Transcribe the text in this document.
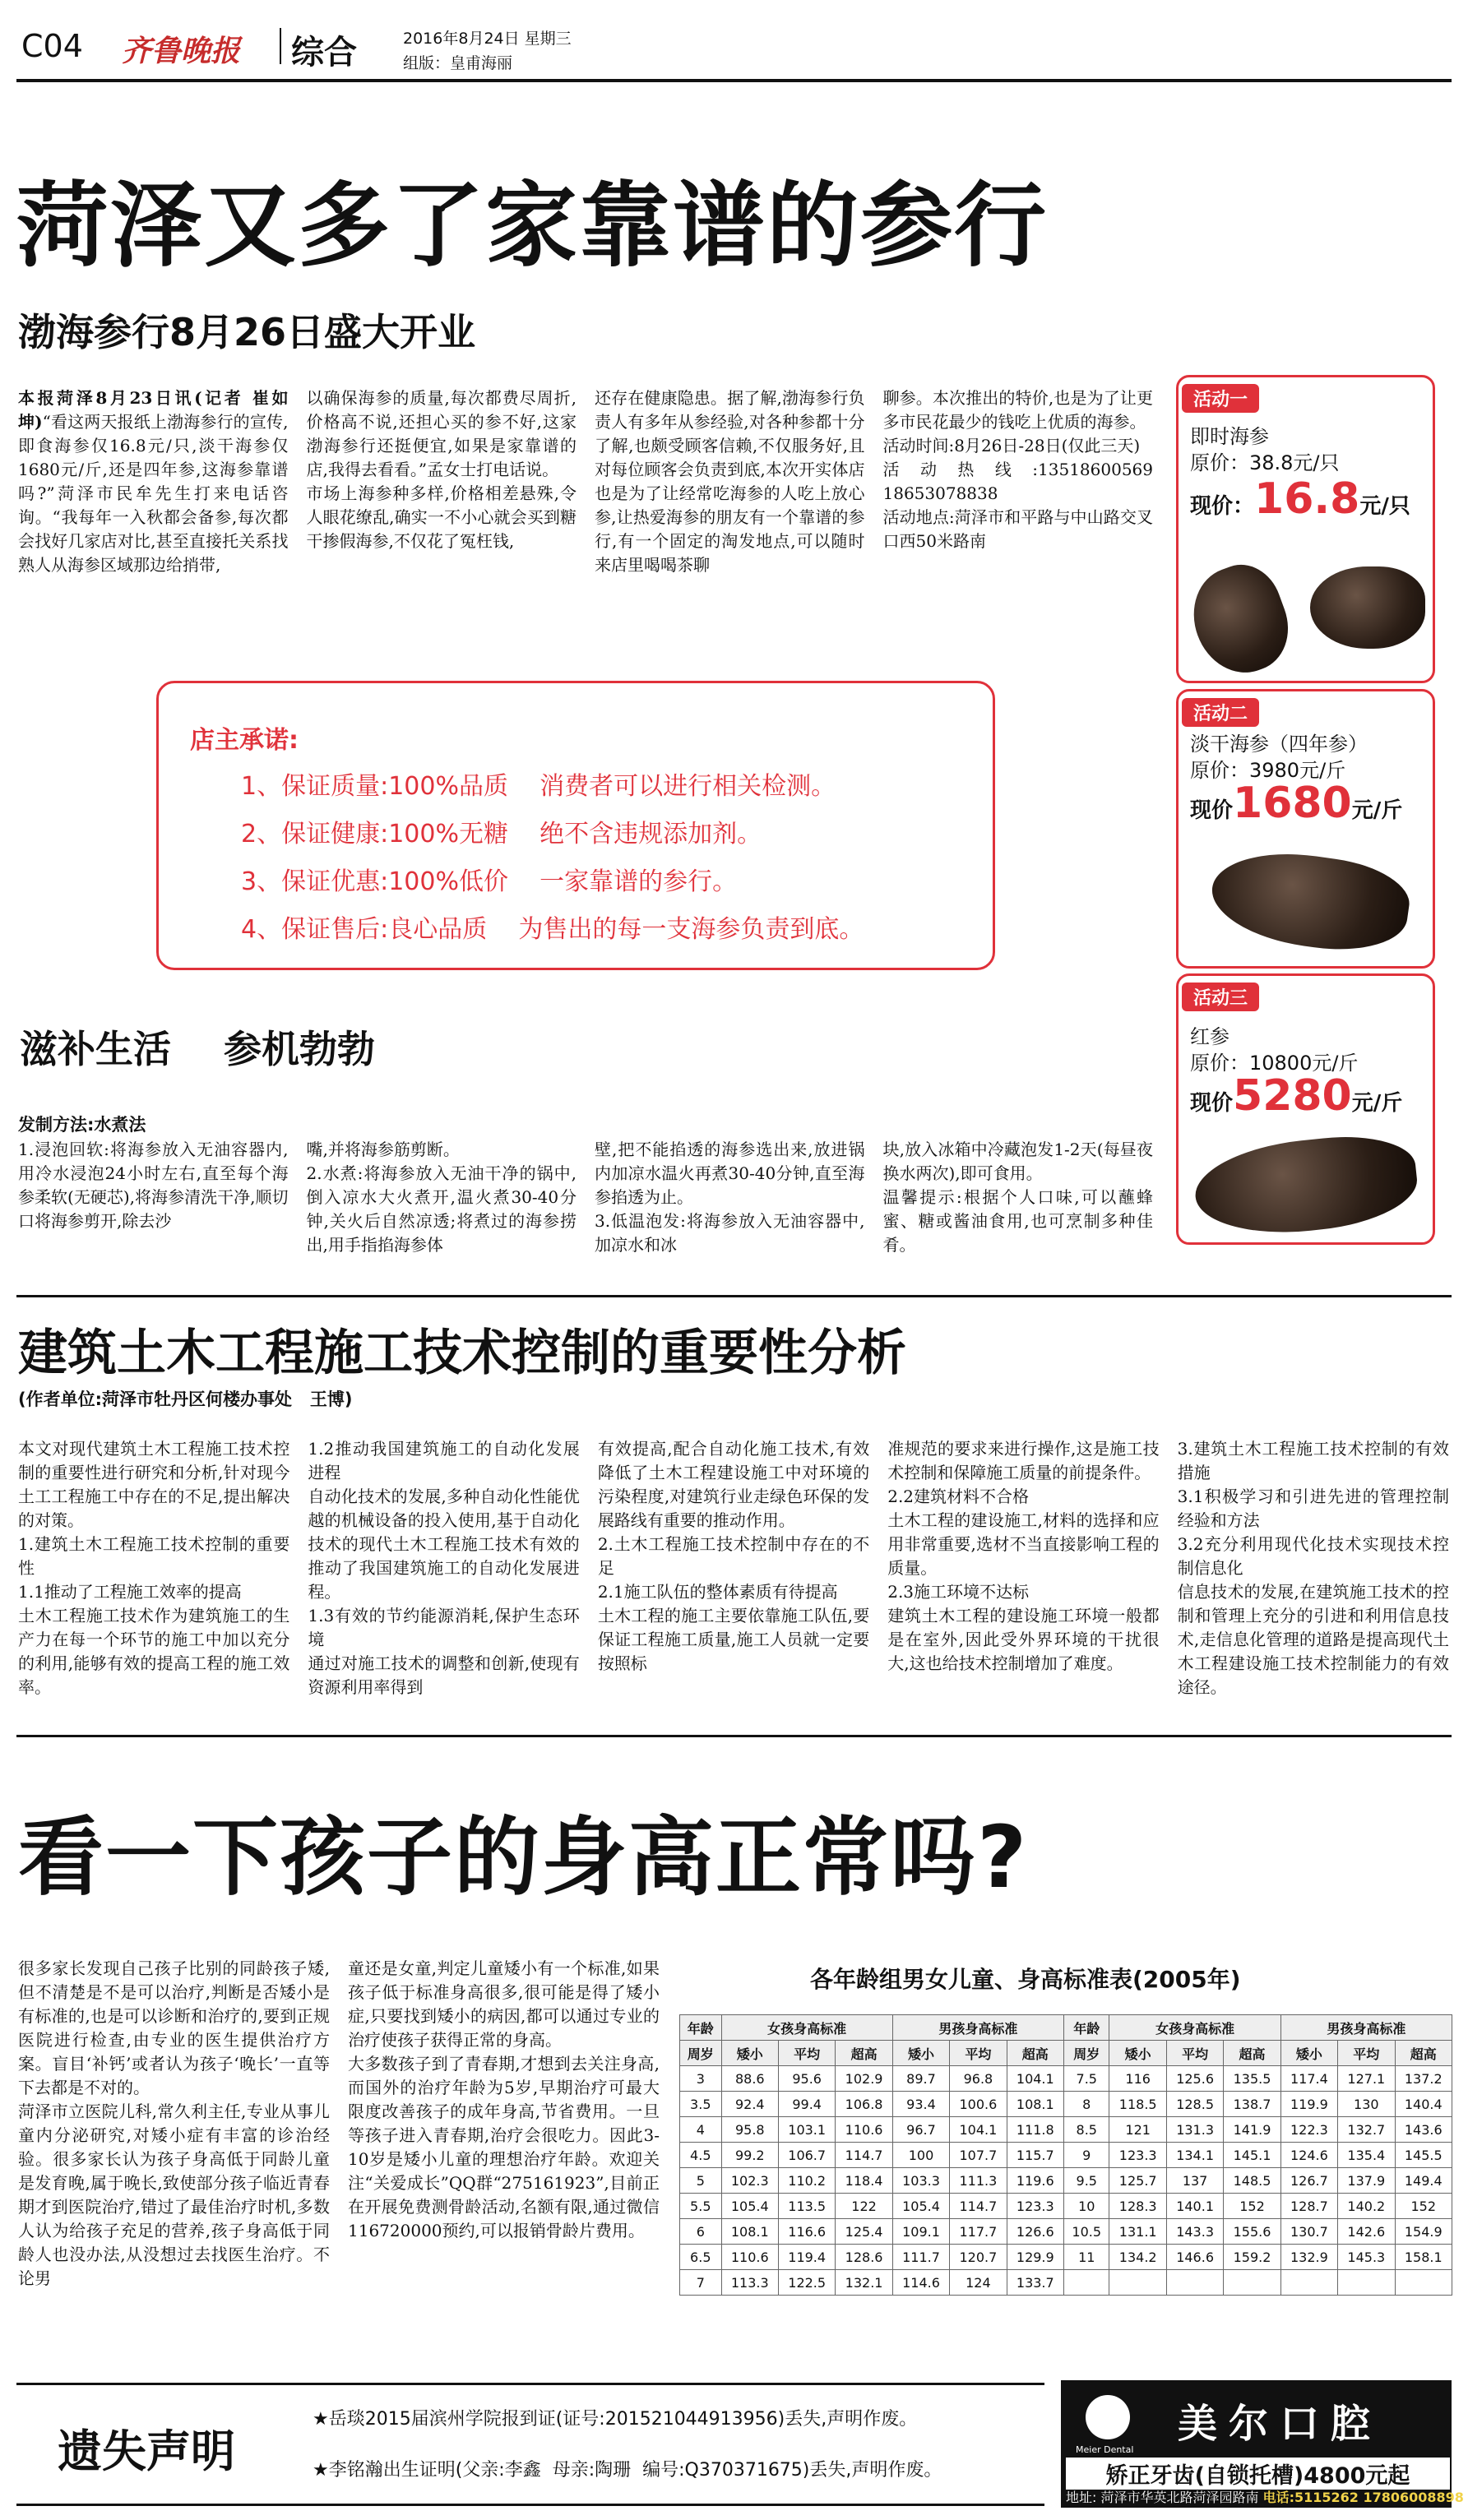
C04 齐鲁晚报 综合	2016年8月24日 星期三
组版：皇甫海丽
菏泽又多了家靠谱的参行
渤海参行8月26日盛大开业
本报菏泽8月23日讯(记者 崔如坤)“看这两天报纸上渤海参行的宣传,即食海参仅16.8元/只,淡干海参仅1680元/斤,还是四年参,这海参靠谱吗?”菏泽市民牟先生打来电话咨询。“我每年一入秋都会备参,每次都会找好几家店对比,甚至直接托关系找熟人从海参区域那边给捎带,
以确保海参的质量,每次都费尽周折,价格高不说,还担心买的参不好,这家渤海参行还挺便宜,如果是家靠谱的店,我得去看看。”孟女士打电话说。
市场上海参种多样,价格相差悬殊,令人眼花缭乱,确实一不小心就会买到糖干掺假海参,不仅花了冤枉钱,
还存在健康隐患。据了解,渤海参行负责人有多年从参经验,对各种参都十分了解,也颇受顾客信赖,不仅服务好,且对每位顾客会负责到底,本次开实体店也是为了让经常吃海参的人吃上放心参,让热爱海参的朋友有一个靠谱的参行,有一个固定的淘发地点,可以随时来店里喝喝茶聊
聊参。本次推出的特价,也是为了让更多市民花最少的钱吃上优质的海参。
活动时间:8月26日-28日(仅此三天)
活动热线:13518600569 18653078838
活动地点:菏泽市和平路与中山路交叉口西50米路南
店主承诺:
1、保证质量:100%品质    消费者可以进行相关检测。
2、保证健康:100%无糖    绝不含违规添加剂。
3、保证优惠:100%低价    一家靠谱的参行。
4、保证售后:良心品质    为售出的每一支海参负责到底。
活动一
即时海参
原价：38.8元/只
现价：16.8元/只
活动二
淡干海参（四年参）
原价：3980元/斤
现价1680元/斤
活动三
红参
原价：10800元/斤
现价5280元/斤
滋补生活    参机勃勃
发制方法:水煮法
1.浸泡回软:将海参放入无油容器内,用冷水浸泡24小时左右,直至每个海参柔软(无硬芯),将海参清洗干净,顺切口将海参剪开,除去沙
嘴,并将海参筋剪断。
2.水煮:将海参放入无油干净的锅中,倒入凉水大火煮开,温火煮30-40分钟,关火后自然凉透;将煮过的海参捞出,用手指掐海参体
壁,把不能掐透的海参选出来,放进锅内加凉水温火再煮30-40分钟,直至海参掐透为止。
3.低温泡发:将海参放入无油容器中,加凉水和冰
块,放入冰箱中冷藏泡发1-2天(每昼夜换水两次),即可食用。
温馨提示:根据个人口味,可以蘸蜂蜜、糖或酱油食用,也可烹制多种佳肴。
建筑土木工程施工技术控制的重要性分析
(作者单位:菏泽市牡丹区何楼办事处   王博)
本文对现代建筑土木工程施工技术控制的重要性进行研究和分析,针对现今土工工程施工中存在的不足,提出解决的对策。
1.建筑土木工程施工技术控制的重要性
1.1推动了工程施工效率的提高
土木工程施工技术作为建筑施工的生产力在每一个环节的施工中加以充分的利用,能够有效的提高工程的施工效率。
1.2推动我国建筑施工的自动化发展进程
自动化技术的发展,多种自动化性能优越的机械设备的投入使用,基于自动化技术的现代土木工程施工技术有效的推动了我国建筑施工的自动化发展进程。
1.3有效的节约能源消耗,保护生态环境
通过对施工技术的调整和创新,使现有资源利用率得到
有效提高,配合自动化施工技术,有效降低了土木工程建设施工中对环境的污染程度,对建筑行业走绿色环保的发展路线有重要的推动作用。
2.土木工程施工技术控制中存在的不足
2.1施工队伍的整体素质有待提高
土木工程的施工主要依靠施工队伍,要保证工程施工质量,施工人员就一定要按照标
准规范的要求来进行操作,这是施工技术控制和保障施工质量的前提条件。
2.2建筑材料不合格
土木工程的建设施工,材料的选择和应用非常重要,选材不当直接影响工程的质量。
2.3施工环境不达标
建筑土木工程的建设施工环境一般都是在室外,因此受外界环境的干扰很大,这也给技术控制增加了难度。
3.建筑土木工程施工技术控制的有效措施
3.1积极学习和引进先进的管理控制经验和方法
3.2充分利用现代化技术实现技术控制信息化
信息技术的发展,在建筑施工技术的控制和管理上充分的引进和利用信息技术,走信息化管理的道路是提高现代土木工程建设施工技术控制能力的有效途径。
看一下孩子的身高正常吗?
很多家长发现自己孩子比别的同龄孩子矮,但不清楚是不是可以治疗,判断是否矮小是有标准的,也是可以诊断和治疗的,要到正规医院进行检查,由专业的医生提供治疗方案。盲目‘补钙’或者认为孩子‘晚长’一直等下去都是不对的。
菏泽市立医院儿科,常久利主任,专业从事儿童内分泌研究,对矮小症有丰富的诊治经验。很多家长认为孩子身高低于同龄儿童是发育晚,属于晚长,致使部分孩子临近青春期才到医院治疗,错过了最佳治疗时机,多数人认为给孩子充足的营养,孩子身高低于同龄人也没办法,从没想过去找医生治疗。不论男
童还是女童,判定儿童矮小有一个标准,如果孩子低于标准身高很多,很可能是得了矮小症,只要找到矮小的病因,都可以通过专业的治疗使孩子获得正常的身高。
大多数孩子到了青春期,才想到去关注身高,而国外的治疗年龄为5岁,早期治疗可最大限度改善孩子的成年身高,节省费用。一旦等孩子进入青春期,治疗会很吃力。因此3-10岁是矮小儿童的理想治疗年龄。欢迎关注“关爱成长”QQ群“275161923”,目前正在开展免费测骨龄活动,名额有限,通过微信116720000预约,可以报销骨龄片费用。
各年龄组男女儿童、身高标准表(2005年)
年龄	女孩身高标准			男孩身高标准			年龄	女孩身高标准			男孩身高标准		
周岁	矮小	平均	超高	矮小	平均	超高	周岁	矮小	平均	超高	矮小	平均	超高
3	88.6	95.6	102.9	89.7	96.8	104.1	7.5	116	125.6	135.5	117.4	127.1	137.2
3.5	92.4	99.4	106.8	93.4	100.6	108.1	8	118.5	128.5	138.7	119.9	130	140.4
4	95.8	103.1	110.6	96.7	104.1	111.8	8.5	121	131.3	141.9	122.3	132.7	143.6
4.5	99.2	106.7	114.7	100	107.7	115.7	9	123.3	134.1	145.1	124.6	135.4	145.5
5	102.3	110.2	118.4	103.3	111.3	119.6	9.5	125.7	137	148.5	126.7	137.9	149.4
5.5	105.4	113.5	122	105.4	114.7	123.3	10	128.3	140.1	152	128.7	140.2	152
6	108.1	116.6	125.4	109.1	117.7	126.6	10.5	131.1	143.3	155.6	130.7	142.6	154.9
6.5	110.6	119.4	128.6	111.7	120.7	129.9	11	134.2	146.6	159.2	132.9	145.3	158.1
7	113.3	122.5	132.1	114.6	124	133.7							
遗失声明
★岳琰2015届滨州学院报到证(证号:201521044913956)丢失,声明作废。
★李铭瀚出生证明(父亲:李鑫  母亲:陶珊  编号:Q370371675)丢失,声明作废。
Meier Dental
美尔口腔
矫正牙齿(自锁托槽)4800元起
地址: 菏泽市华英北路菏泽园路南 电话:5115262 17806008898
